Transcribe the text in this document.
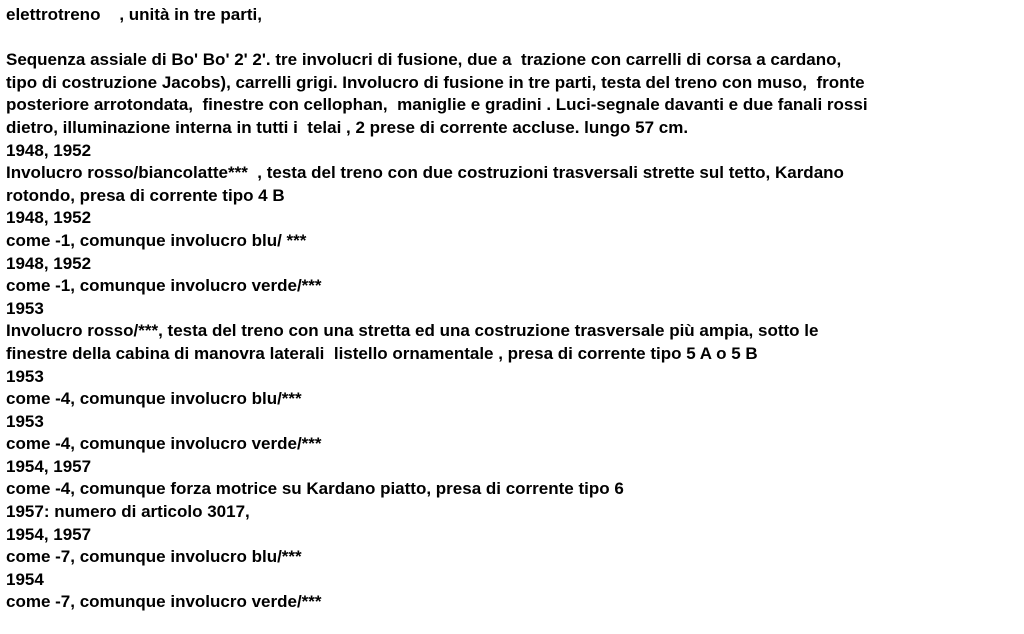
elettrotreno    , unità in tre parti,
Sequenza assiale di Bo' Bo' 2' 2'. tre involucri di fusione, due a  trazione con carrelli di corsa a cardano,
tipo di costruzione Jacobs), carrelli grigi. Involucro di fusione in tre parti, testa del treno con muso,  fronte
posteriore arrotondata,  finestre con cellophan,  maniglie e gradini . Luci-segnale davanti e due fanali rossi
dietro, illuminazione interna in tutti i  telai , 2 prese di corrente accluse. lungo 57 cm.
1948, 1952
Involucro rosso/biancolatte***  , testa del treno con due costruzioni trasversali strette sul tetto, Kardano
rotondo, presa di corrente tipo 4 B
1948, 1952
come -1, comunque involucro blu/ ***
1948, 1952
come -1, comunque involucro verde/***
1953
Involucro rosso/***, testa del treno con una stretta ed una costruzione trasversale più ampia, sotto le
finestre della cabina di manovra laterali  listello ornamentale , presa di corrente tipo 5 A o 5 B
1953
come -4, comunque involucro blu/***
1953
come -4, comunque involucro verde/***
1954, 1957
come -4, comunque forza motrice su Kardano piatto, presa di corrente tipo 6
1957: numero di articolo 3017,
1954, 1957
come -7, comunque involucro blu/***
1954
come -7, comunque involucro verde/***
